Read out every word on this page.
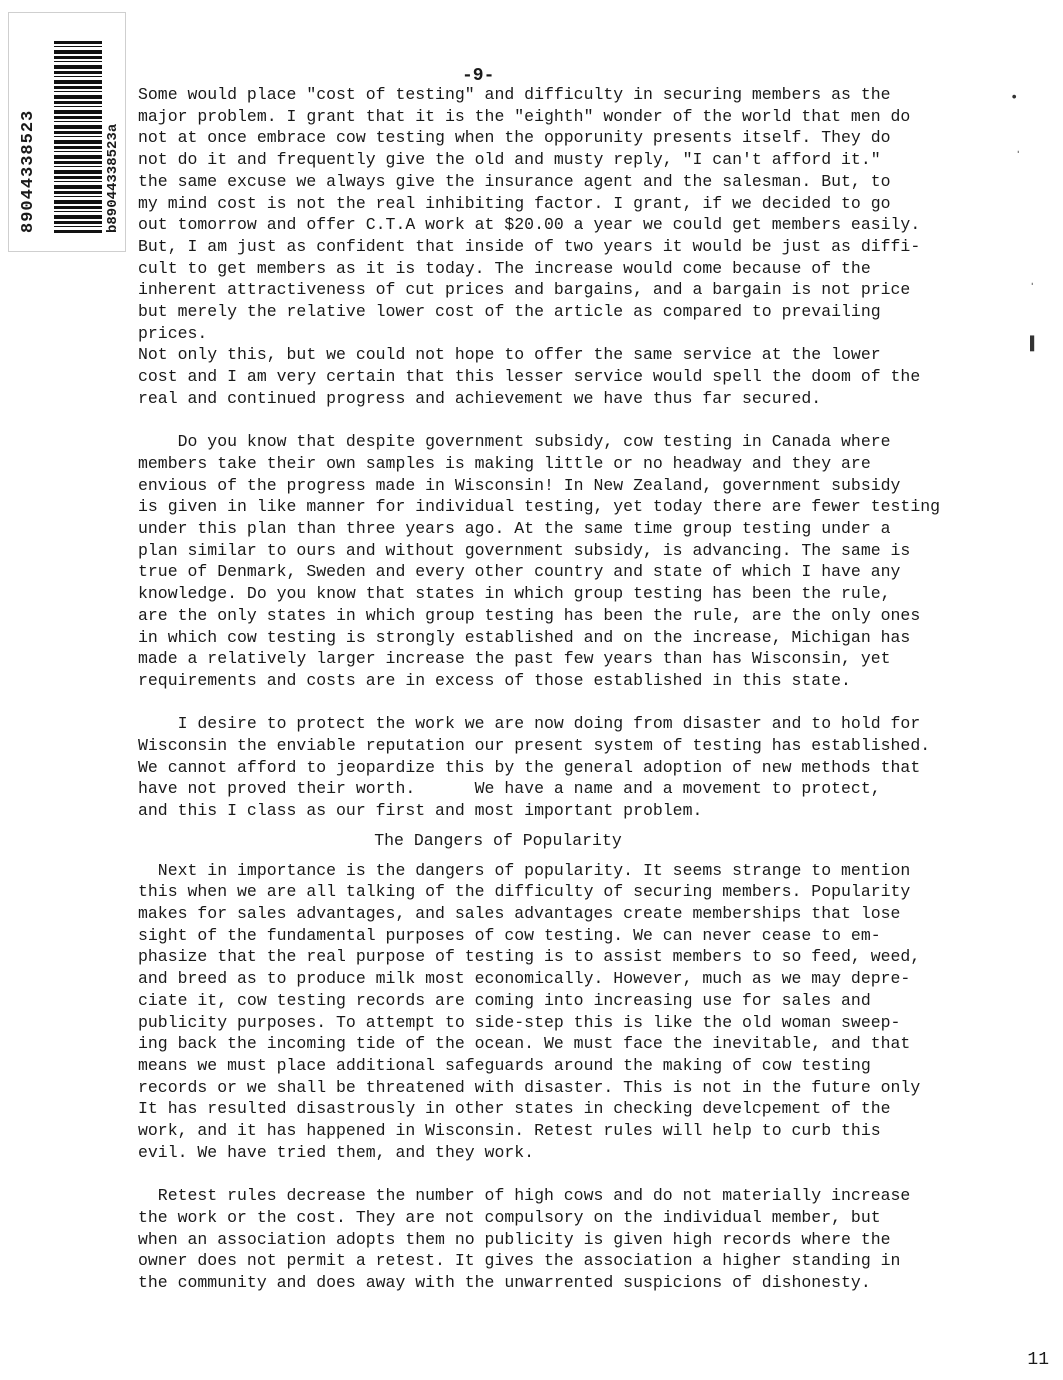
89044338523	b89044338523a
-9-
•
ˈ
ˈ
▌
Some would place "cost of testing" and difficulty in securing members as the
major problem. I grant that it is the "eighth" wonder of the world that men do
not at once embrace cow testing when the opporunity presents itself. They do
not do it and frequently give the old and musty reply, "I can't afford it."
the same excuse we always give the insurance agent and the salesman. But, to
my mind cost is not the real inhibiting factor. I grant, if we decided to go
out tomorrow and offer C.T.A work at $20.00 a year we could get members easily.
But, I am just as confident that inside of two years it would be just as diffi-
cult to get members as it is today. The increase would come because of the
inherent attractiveness of cut prices and bargains, and a bargain is not price
but merely the relative lower cost of the article as compared to prevailing
prices.
Not only this, but we could not hope to offer the same service at the lower
cost and I am very certain that this lesser service would spell the doom of the
real and continued progress and achievement we have thus far secured.
Do you know that despite government subsidy, cow testing in Canada where
members take their own samples is making little or no headway and they are
envious of the progress made in Wisconsin! In New Zealand, government subsidy
is given in like manner for individual testing, yet today there are fewer testing
under this plan than three years ago. At the same time group testing under a
plan similar to ours and without government subsidy, is advancing. The same is
true of Denmark, Sweden and every other country and state of which I have any
knowledge. Do you know that states in which group testing has been the rule,
are the only states in which group testing has been the rule, are the only ones
in which cow testing is strongly established and on the increase, Michigan has
made a relatively larger increase the past few years than has Wisconsin, yet
requirements and costs are in excess of those established in this state.
I desire to protect the work we are now doing from disaster and to hold for
Wisconsin the enviable reputation our present system of testing has established.
We cannot afford to jeopardize this by the general adoption of new methods that
have not proved their worth.      We have a name and a movement to protect,
and this I class as our first and most important problem.
The Dangers of Popularity
Next in importance is the dangers of popularity. It seems strange to mention
this when we are all talking of the difficulty of securing members. Popularity
makes for sales advantages, and sales advantages create memberships that lose
sight of the fundamental purposes of cow testing. We can never cease to em-
phasize that the real purpose of testing is to assist members to so feed, weed,
and breed as to produce milk most economically. However, much as we may depre-
ciate it, cow testing records are coming into increasing use for sales and
publicity purposes. To attempt to side-step this is like the old woman sweep-
ing back the incoming tide of the ocean. We must face the inevitable, and that
means we must place additional safeguards around the making of cow testing
records or we shall be threatened with disaster. This is not in the future only
It has resulted disastrously in other states in checking develcpement of the
work, and it has happened in Wisconsin. Retest rules will help to curb this
evil. We have tried them, and they work.
Retest rules decrease the number of high cows and do not materially increase
the work or the cost. They are not compulsory on the individual member, but
when an association adopts them no publicity is given high records where the
owner does not permit a retest. It gives the association a higher standing in
the community and does away with the unwarrented suspicions of dishonesty.
11
